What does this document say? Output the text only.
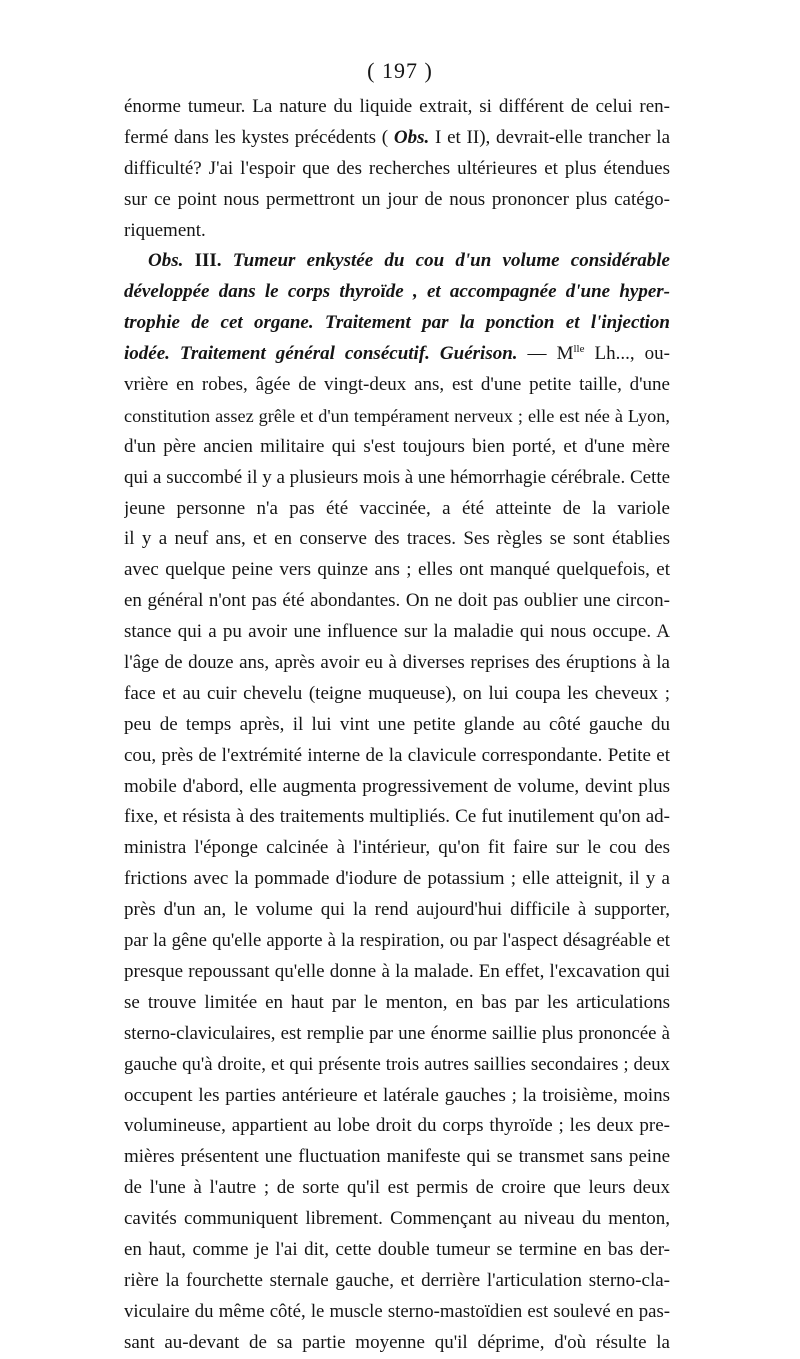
( 197 )
énorme tumeur. La nature du liquide extrait, si différent de celui ren-
fermé dans les kystes précédents ( Obs. I et II), devrait-elle trancher la
difficulté? J'ai l'espoir que des recherches ultérieures et plus étendues
sur ce point nous permettront un jour de nous prononcer plus catégo-
riquement.
Obs. III. Tumeur enkystée du cou d'un volume considérable
développée dans le corps thyroïde , et accompagnée d'une hyper-
trophie de cet organe. Traitement par la ponction et l'injection
iodée. Traitement général consécutif. Guérison. — $M^{lle}$ Lh..., ou-
vrière en robes, âgée de vingt-deux ans, est d'une petite taille, d'une
constitution assez grêle et d'un tempérament nerveux ; elle est née à Lyon,
d'un père ancien militaire qui s'est toujours bien porté, et d'une mère
qui a succombé il y a plusieurs mois à une hémorrhagie cérébrale. Cette
jeune personne n'a pas été vaccinée, a été atteinte de la variole
il y a neuf ans, et en conserve des traces. Ses règles se sont établies
avec quelque peine vers quinze ans ; elles ont manqué quelquefois, et
en général n'ont pas été abondantes. On ne doit pas oublier une circon-
stance qui a pu avoir une influence sur la maladie qui nous occupe. A
l'âge de douze ans, après avoir eu à diverses reprises des éruptions à la
face et au cuir chevelu (teigne muqueuse), on lui coupa les cheveux ;
peu de temps après, il lui vint une petite glande au côté gauche du
cou, près de l'extrémité interne de la clavicule correspondante. Petite et
mobile d'abord, elle augmenta progressivement de volume, devint plus
fixe, et résista à des traitements multipliés. Ce fut inutilement qu'on ad-
ministra l'éponge calcinée à l'intérieur, qu'on fit faire sur le cou des
frictions avec la pommade d'iodure de potassium ; elle atteignit, il y a
près d'un an, le volume qui la rend aujourd'hui difficile à supporter,
par la gêne qu'elle apporte à la respiration, ou par l'aspect désagréable et
presque repoussant qu'elle donne à la malade. En effet, l'excavation qui
se trouve limitée en haut par le menton, en bas par les articulations
sterno-claviculaires, est remplie par une énorme saillie plus prononcée à
gauche qu'à droite, et qui présente trois autres saillies secondaires ; deux
occupent les parties antérieure et latérale gauches ; la troisième, moins
volumineuse, appartient au lobe droit du corps thyroïde ; les deux pre-
mières présentent une fluctuation manifeste qui se transmet sans peine
de l'une à l'autre ; de sorte qu'il est permis de croire que leurs deux
cavités communiquent librement. Commençant au niveau du menton,
en haut, comme je l'ai dit, cette double tumeur se termine en bas der-
rière la fourchette sternale gauche, et derrière l'articulation sterno-cla-
viculaire du même côté, le muscle sterno-mastoïdien est soulevé en pas-
sant au-devant de sa partie moyenne qu'il déprime, d'où résulte la
